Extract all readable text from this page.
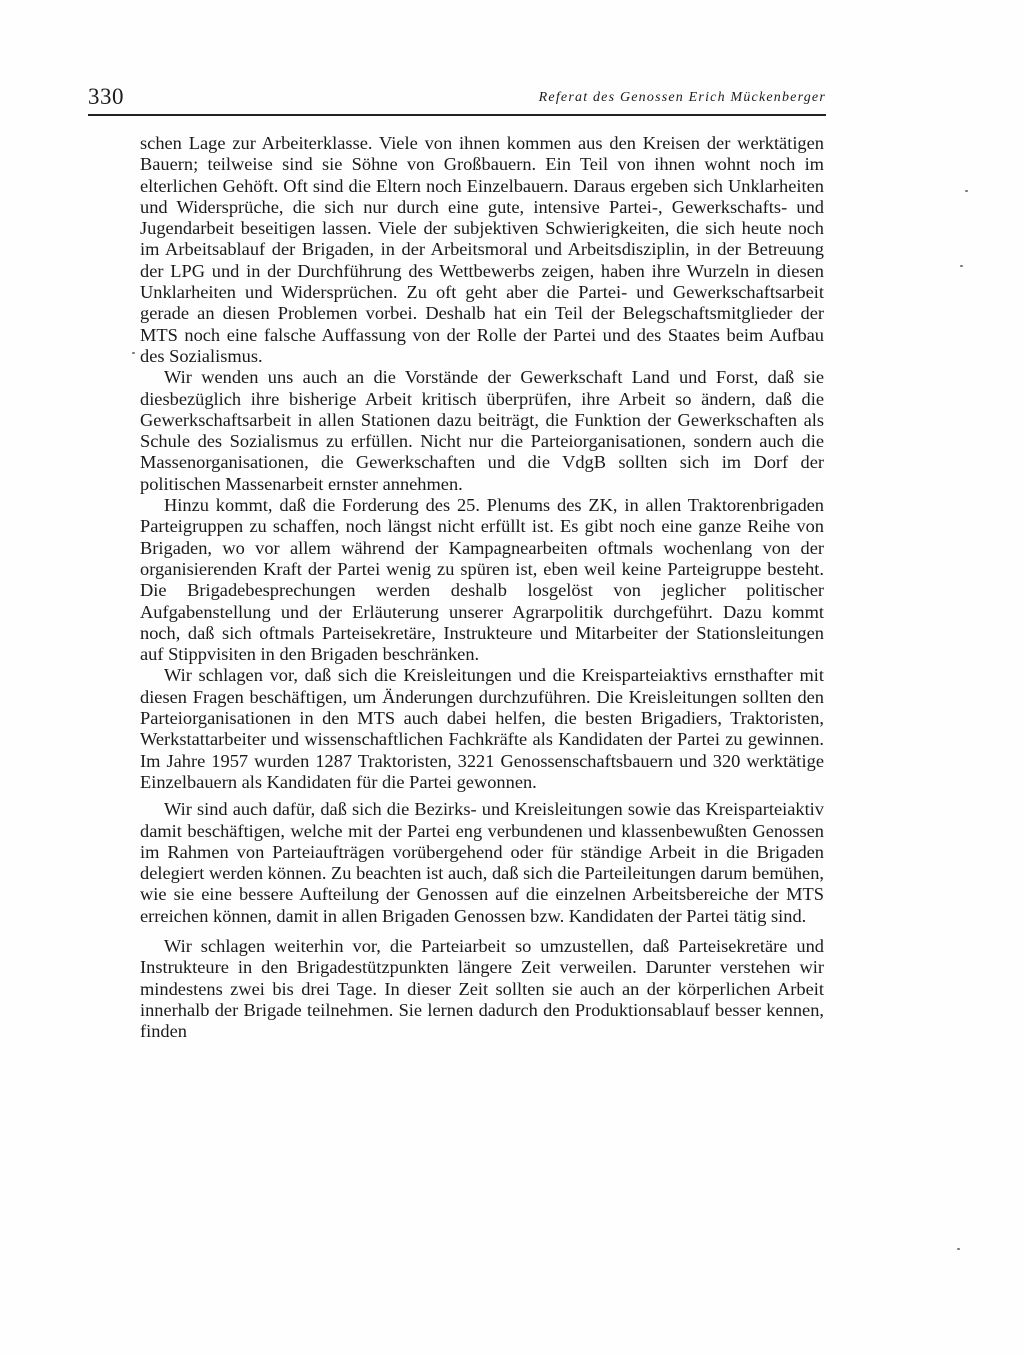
330	Referat des Genossen Erich Mückenberger

schen Lage zur Arbeiterklasse. Viele von ihnen kommen aus den Kreisen der werktätigen Bauern; teilweise sind sie Söhne von Großbauern. Ein Teil von ihnen wohnt noch im elterlichen Gehöft. Oft sind die Eltern noch Einzelbauern. Daraus ergeben sich Unklarheiten und Widersprüche, die sich nur durch eine gute, intensive Partei-, Gewerkschafts- und Jugendarbeit beseitigen lassen. Viele der subjektiven Schwierigkeiten, die sich heute noch im Arbeitsablauf der Brigaden, in der Arbeitsmoral und Arbeitsdisziplin, in der Betreuung der LPG und in der Durchführung des Wettbewerbs zeigen, haben ihre Wurzeln in diesen Unklarheiten und Widersprüchen. Zu oft geht aber die Partei- und Gewerkschaftsarbeit gerade an diesen Problemen vorbei. Deshalb hat ein Teil der Belegschaftsmitglieder der MTS noch eine falsche Auffassung von der Rolle der Partei und des Staates beim Aufbau des Sozialismus.

Wir wenden uns auch an die Vorstände der Gewerkschaft Land und Forst, daß sie diesbezüglich ihre bisherige Arbeit kritisch überprüfen, ihre Arbeit so ändern, daß die Gewerkschaftsarbeit in allen Stationen dazu beiträgt, die Funktion der Gewerkschaften als Schule des Sozialismus zu erfüllen. Nicht nur die Parteiorganisationen, sondern auch die Massenorganisationen, die Gewerkschaften und die VdgB sollten sich im Dorf der politischen Massenarbeit ernster annehmen.

Hinzu kommt, daß die Forderung des 25. Plenums des ZK, in allen Traktorenbrigaden Parteigruppen zu schaffen, noch längst nicht erfüllt ist. Es gibt noch eine ganze Reihe von Brigaden, wo vor allem während der Kampagnearbeiten oftmals wochenlang von der organisierenden Kraft der Partei wenig zu spüren ist, eben weil keine Parteigruppe besteht. Die Brigadebesprechungen werden deshalb losgelöst von jeglicher politischer Aufgabenstellung und der Erläuterung unserer Agrarpolitik durchgeführt. Dazu kommt noch, daß sich oftmals Parteisekretäre, Instrukteure und Mitarbeiter der Stationsleitungen auf Stippvisiten in den Brigaden beschränken.

Wir schlagen vor, daß sich die Kreisleitungen und die Kreisparteiaktivs ernsthafter mit diesen Fragen beschäftigen, um Änderungen durchzuführen. Die Kreisleitungen sollten den Parteiorganisationen in den MTS auch dabei helfen, die besten Brigadiers, Traktoristen, Werkstattarbeiter und wissenschaftlichen Fachkräfte als Kandidaten der Partei zu gewinnen. Im Jahre 1957 wurden 1287 Traktoristen, 3221 Genossenschaftsbauern und 320 werktätige Einzelbauern als Kandidaten für die Partei gewonnen.

Wir sind auch dafür, daß sich die Bezirks- und Kreisleitungen sowie das Kreisparteiaktiv damit beschäftigen, welche mit der Partei eng verbundenen und klassenbewußten Genossen im Rahmen von Parteiaufträgen vorübergehend oder für ständige Arbeit in die Brigaden delegiert werden können. Zu beachten ist auch, daß sich die Parteileitungen darum bemühen, wie sie eine bessere Aufteilung der Genossen auf die einzelnen Arbeitsbereiche der MTS erreichen können, damit in allen Brigaden Genossen bzw. Kandidaten der Partei tätig sind.

Wir schlagen weiterhin vor, die Parteiarbeit so umzustellen, daß Parteisekretäre und Instrukteure in den Brigadestützpunkten längere Zeit verweilen. Darunter verstehen wir mindestens zwei bis drei Tage. In dieser Zeit sollten sie auch an der körperlichen Arbeit innerhalb der Brigade teilnehmen. Sie lernen dadurch den Produktionsablauf besser kennen, finden
